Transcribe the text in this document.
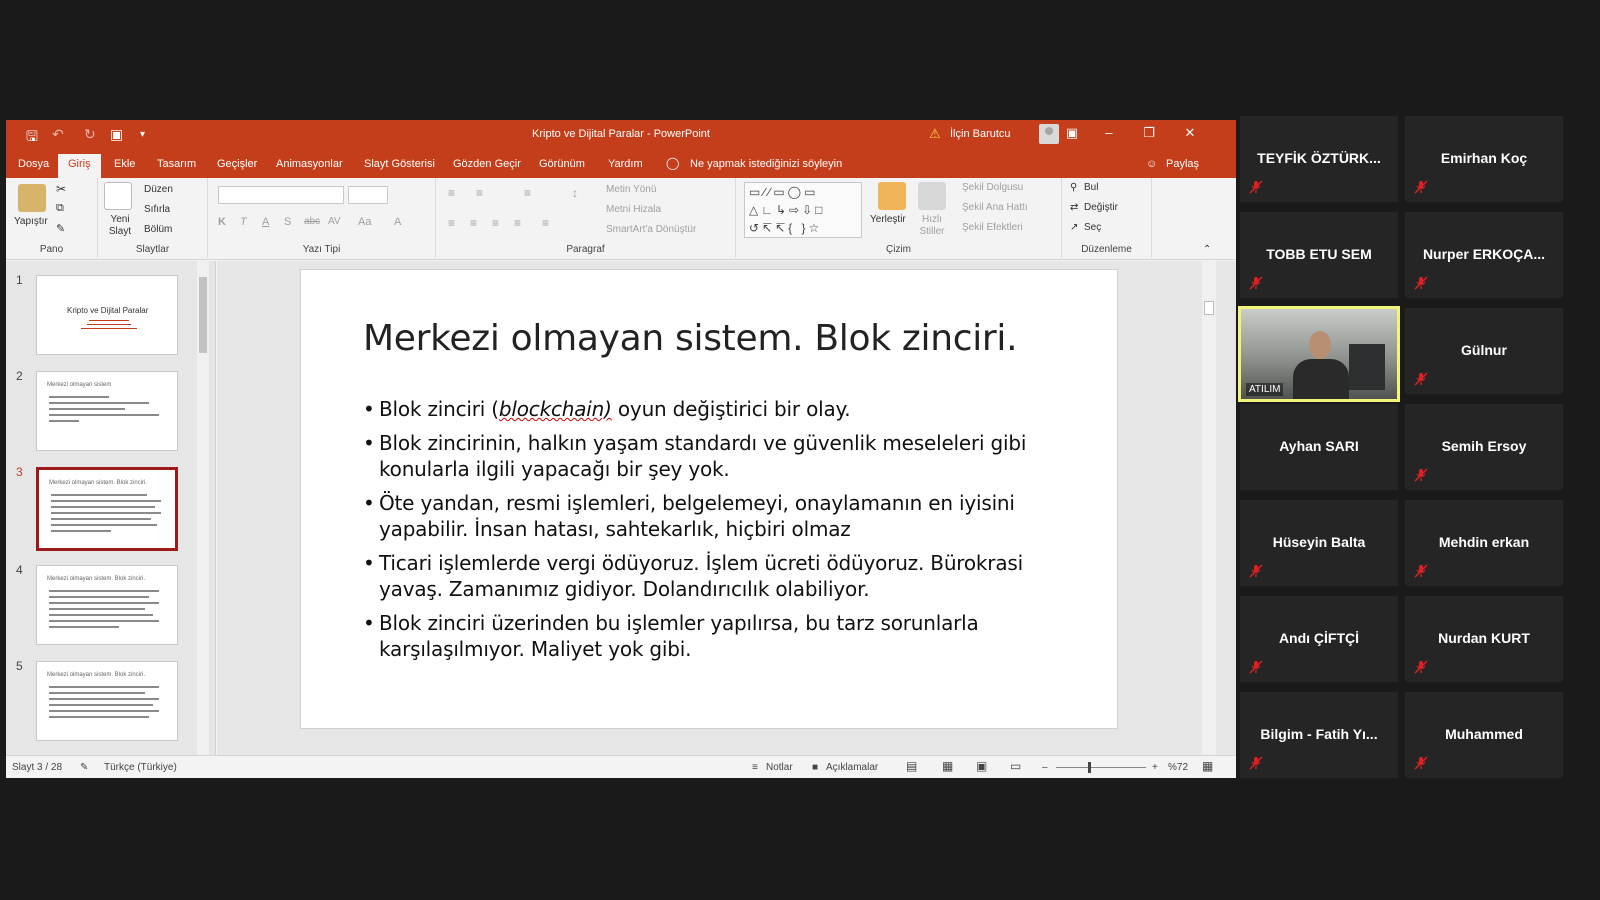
🖫 ↶ ↻ ▣ ▾	Kripto ve Dijital Paralar - PowerPoint	⚠ İlçin Barutcu	▣	–	❐	✕
Dosya	Giriş	Ekle Tasarım Geçişler Animasyonlar Slayt Gösterisi Gözden Geçir Görünüm Yardım ◯ Ne yapmak istediğinizi söyleyin	☺ Paylaş
Yapıştır
✂
⧉
✎
Pano
Yeni Slayt
Düzen
Sıfırla
Bölüm
Slaytlar
K T A S abc AV Aa A
Yazı Tipi
≡ ≡	≡	↕
≡ ≡ ≡ ≡ ≡
Metin Yönü
Metni Hizala
SmartArt'a Dönüştür
Paragraf
▭∕∕▭◯▭
△∟↳⇨⇩□
↺↸↸{ }☆
Yerleştir	Hızlı Stiller
Şekil Dolgusu
Şekil Ana Hattı
Şekil Efektleri
Çizim
⚲ Bul
⇄ Değiştir
↗ Seç
Düzenleme	⌃
1
Kripto ve Dijital Paralar
2
Merkezi olmayan sistem
3
Merkezi olmayan sistem. Blok zinciri.
4
Merkezi olmayan sistem. Blok zinciri.
5
Merkezi olmayan sistem. Blok zinciri.
Merkezi olmayan sistem. Blok zinciri.
• Blok zinciri (blockchain) oyun değiştirici bir olay.
• Blok zincirinin, halkın yaşam standardı ve güvenlik meseleleri gibi konularla ilgili yapacağı bir şey yok.
• Öte yandan, resmi işlemleri, belgelemeyi, onaylamanın en iyisini yapabilir. İnsan hatası, sahtekarlık, hiçbiri olmaz
• Ticari işlemlerde vergi ödüyoruz. İşlem ücreti ödüyoruz. Bürokrasi yavaş. Zamanımız gidiyor. Dolandırıcılık olabiliyor.
• Blok zinciri üzerinden bu işlemler yapılırsa, bu tarz sorunlarla karşılaşılmıyor. Maliyet yok gibi.
Slayt 3 / 28 ✎ Türkçe (Türkiye)	≡ Notlar ■ Açıklamalar ▤ ▦ ▣ ▭ –	+ %72 ▦
TEYFİK ÖZTÜRK...	Emirhan Koç
TOBB ETU SEM	Nurper ERKOÇA...
ATILIM
Gülnur
Ayhan SARI	Semih Ersoy
Hüseyin Balta	Mehdin erkan
Andı ÇİFTÇİ	Nurdan KURT
Bilgim - Fatih Yı...	Muhammed
